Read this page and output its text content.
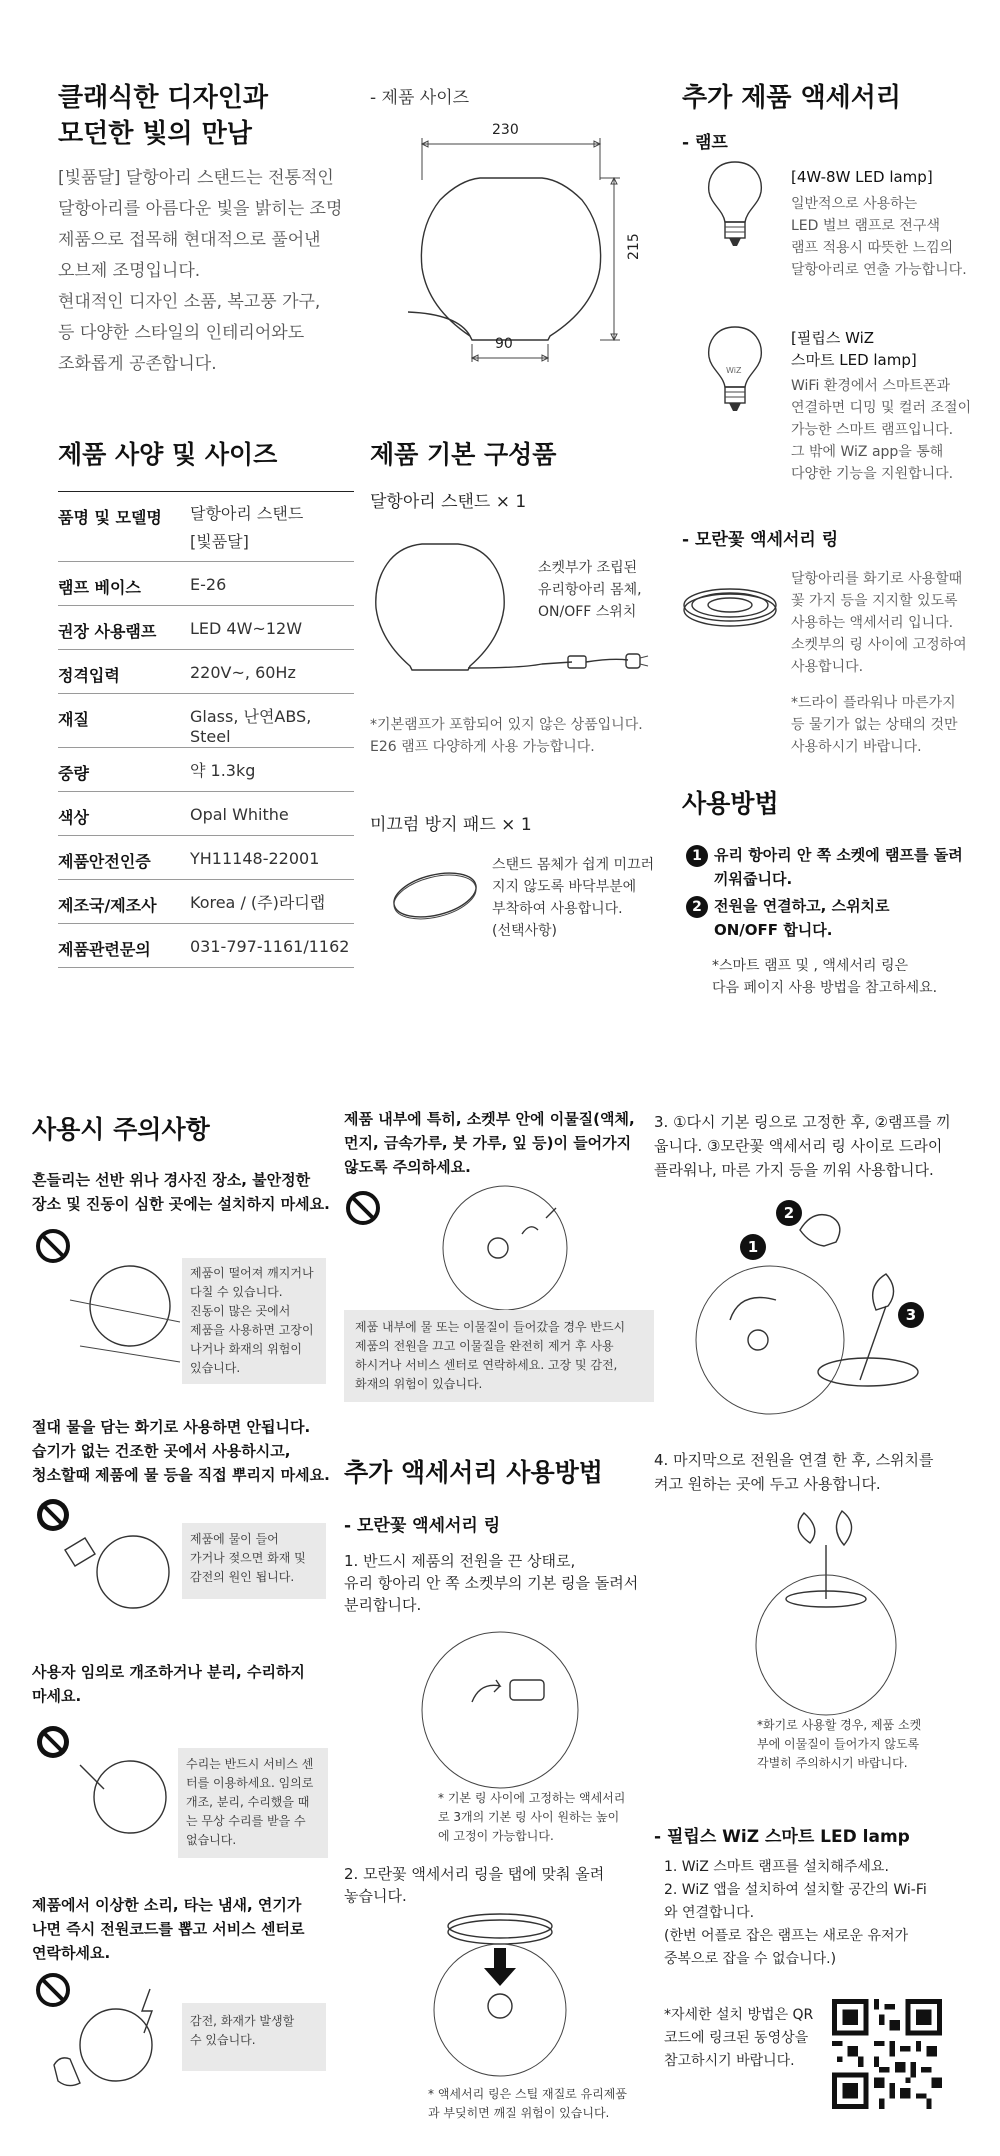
클래식한 디자인과
모던한 빛의 만남
[빛품달] 달항아리 스탠드는 전통적인
달항아리를 아름다운 빛을 밝히는 조명
제품으로 접목해 현대적으로 풀어낸
오브제 조명입니다.
현대적인 디자인 소품, 복고풍 가구,
등 다양한 스타일의 인테리어와도
조화롭게 공존합니다.
- 제품 사이즈
230
215
90
추가 제품 액세서리
- 램프
[4W-8W LED lamp]
일반적으로 사용하는
LED 벌브 램프로 전구색
램프 적용시 따뜻한 느낌의
달항아리로 연출 가능합니다.
WiZ
[필립스 WiZ
스마트 LED lamp]
WiFi 환경에서 스마트폰과
연결하면 디밍 및 컬러 조절이
가능한 스마트 램프입니다.
그 밖에 WiZ app을 통해
다양한 기능을 지원합니다.
- 모란꽃 액세서리 링
달항아리를 화기로 사용할때
꽃 가지 등을 지지할 있도록
사용하는 액세서리 입니다.
소켓부의 링 사이에 고정하여
사용합니다.
*드라이 플라워나 마른가지
등 물기가 없는 상태의 것만
사용하시기 바랍니다.
제품 사양 및 사이즈
품명 및 모델명	달항아리 스탠드
[빛품달]

램프 베이스	E-26
권장 사용램프	LED 4W~12W
정격입력	220V~, 60Hz
재질	Glass, 난연ABS, Steel
중량	약 1.3kg
색상	Opal Whithe
제품안전인증	YH11148-22001
제조국/제조사	Korea / (주)라디랩
제품관련문의	031-797-1161/1162
제품 기본 구성품
달항아리 스탠드 × 1
소켓부가 조립된
유리항아리 몸체,
ON/OFF 스위치
*기본램프가 포함되어 있지 않은 상품입니다.
E26 램프 다양하게 사용 가능합니다.
미끄럼 방지 패드 × 1
스탠드 몸체가 쉽게 미끄러
지지 않도록 바닥부분에
부착하여 사용합니다.
(선택사항)
사용방법
1 유리 항아리 안 쪽 소켓에 램프를 돌려
끼워줍니다.
2 전원을 연결하고, 스위치로
ON/OFF 합니다.
*스마트 램프 및 , 액세서리 링은
다음 페이지 사용 방법을 참고하세요.
사용시 주의사항
흔들리는 선반 위나 경사진 장소, 불안정한
장소 및 진동이 심한 곳에는 설치하지 마세요.
제품이 떨어져 깨지거나
다칠 수 있습니다.
진동이 많은 곳에서
제품을 사용하면 고장이
나거나 화재의 위험이
있습니다.
절대 물을 담는 화기로 사용하면 안됩니다.
습기가 없는 건조한 곳에서 사용하시고,
청소할때 제품에 물 등을 직접 뿌리지 마세요.
제품에 물이 들어
가거나 젖으면 화재 및
감전의 원인 됩니다.
사용자 임의로 개조하거나 분리, 수리하지
마세요.
수리는 반드시 서비스 센
터를 이용하세요. 임의로
개조, 분리, 수리했을 때
는 무상 수리를 받을 수
없습니다.
제품에서 이상한 소리, 타는 냄새, 연기가
나면 즉시 전원코드를 뽑고 서비스 센터로
연락하세요.
감전, 화재가 발생할
수 있습니다.
제품 내부에 특히, 소켓부 안에 이물질(액체,
먼지, 금속가루, 붓 가루, 잎 등)이 들어가지
않도록 주의하세요.
제품 내부에 물 또는 이물질이 들어갔을 경우 반드시
제품의 전원을 끄고 이물질을 완전히 제거 후 사용
하시거나 서비스 센터로 연락하세요. 고장 및 감전,
화재의 위험이 있습니다.
추가 액세서리 사용방법
- 모란꽃 액세서리 링
1. 반드시 제품의 전원을 끈 상태로,
유리 항아리 안 쪽 소켓부의 기본 링을 돌려서
분리합니다.
* 기본 링 사이에 고정하는 액세서리
로 3개의 기본 링 사이 원하는 높이
에 고정이 가능합니다.
2. 모란꽃 액세서리 링을 탭에 맞춰 올려
놓습니다.
* 액세서리 링은 스틸 재질로 유리제품
과 부딪히면 깨질 위험이 있습니다.
3. ①다시 기본 링으로 고정한 후, ②램프를 끼
웁니다. ③모란꽃 액세서리 링 사이로 드라이
플라워나, 마른 가지 등을 끼워 사용합니다.
1
2
3
4. 마지막으로 전원을 연결 한 후, 스위치를
켜고 원하는 곳에 두고 사용합니다.
*화기로 사용할 경우, 제품 소켓
부에 이물질이 들어가지 않도록
각별히 주의하시기 바랍니다.
- 필립스 WiZ 스마트 LED lamp
1. WiZ 스마트 램프를 설치해주세요.
2. WiZ 앱을 설치하여 설치할 공간의 Wi-Fi
와 연결합니다.
(한번 어플로 잡은 램프는 새로운 유저가
중복으로 잡을 수 없습니다.)
*자세한 설치 방법은 QR
코드에 링크된 동영상을
참고하시기 바랍니다.
